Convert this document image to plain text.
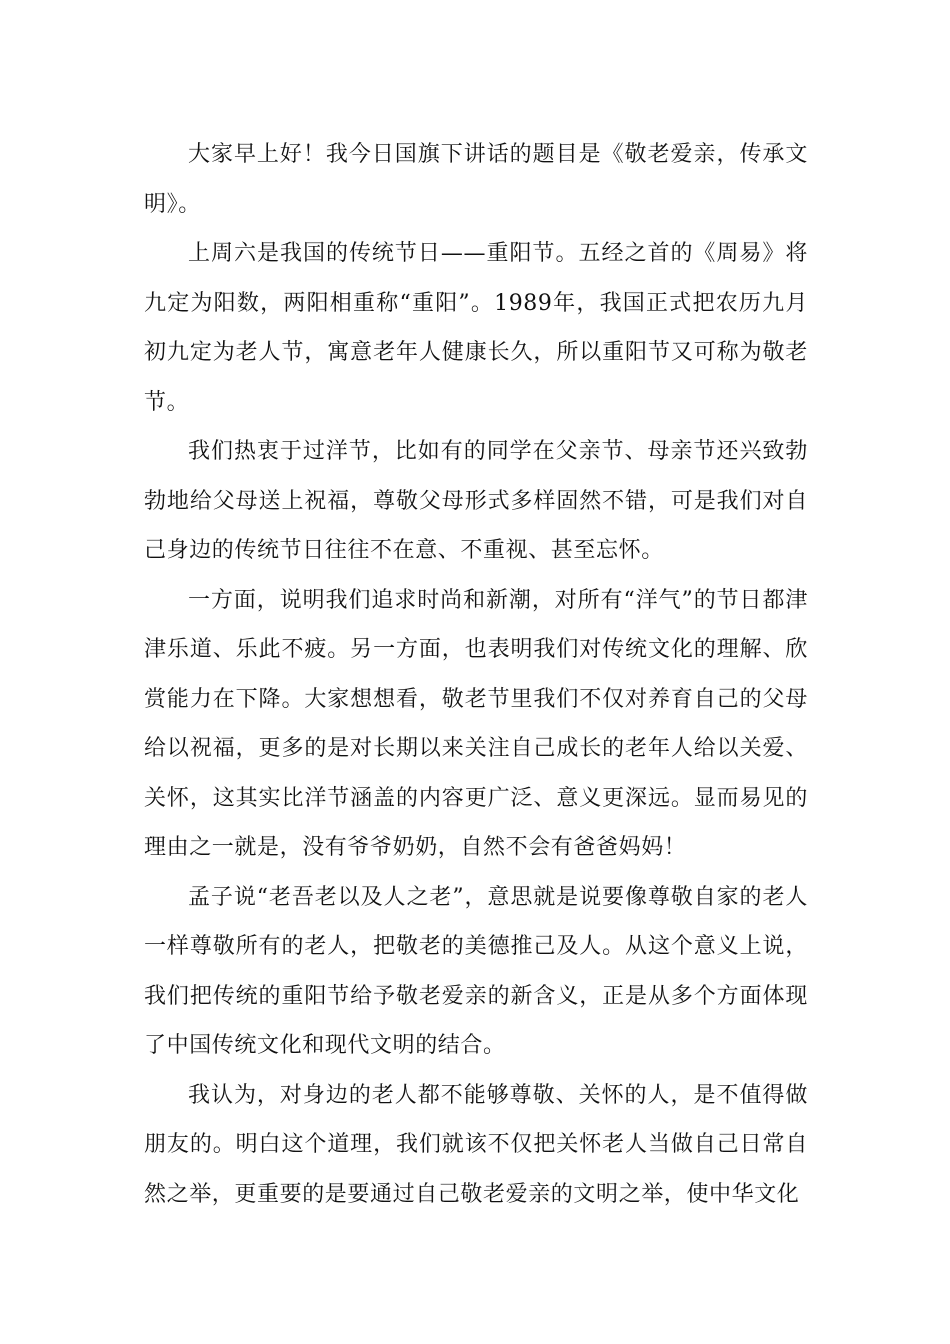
大家早上好！我今日国旗下讲话的题目是《敬老爱亲，传承文明》。

上周六是我国的传统节日——重阳节。五经之首的《周易》将九定为阳数，两阳相重称“重阳”。1989年，我国正式把农历九月初九定为老人节，寓意老年人健康长久，所以重阳节又可称为敬老节。

我们热衷于过洋节，比如有的同学在父亲节、母亲节还兴致勃勃地给父母送上祝福，尊敬父母形式多样固然不错，可是我们对自己身边的传统节日往往不在意、不重视、甚至忘怀。

一方面，说明我们追求时尚和新潮，对所有“洋气”的节日都津津乐道、乐此不疲。另一方面，也表明我们对传统文化的理解、欣赏能力在下降。大家想想看，敬老节里我们不仅对养育自己的父母给以祝福，更多的是对长期以来关注自己成长的老年人给以关爱、关怀，这其实比洋节涵盖的内容更广泛、意义更深远。显而易见的理由之一就是，没有爷爷奶奶，自然不会有爸爸妈妈！

孟子说“老吾老以及人之老”，意思就是说要像尊敬自家的老人一样尊敬所有的老人，把敬老的美德推己及人。从这个意义上说，我们把传统的重阳节给予敬老爱亲的新含义，正是从多个方面体现了中国传统文化和现代文明的结合。

我认为，对身边的老人都不能够尊敬、关怀的人，是不值得做朋友的。明白这个道理，我们就该不仅把关怀老人当做自己日常自然之举，更重要的是要通过自己敬老爱亲的文明之举，使中华文化
